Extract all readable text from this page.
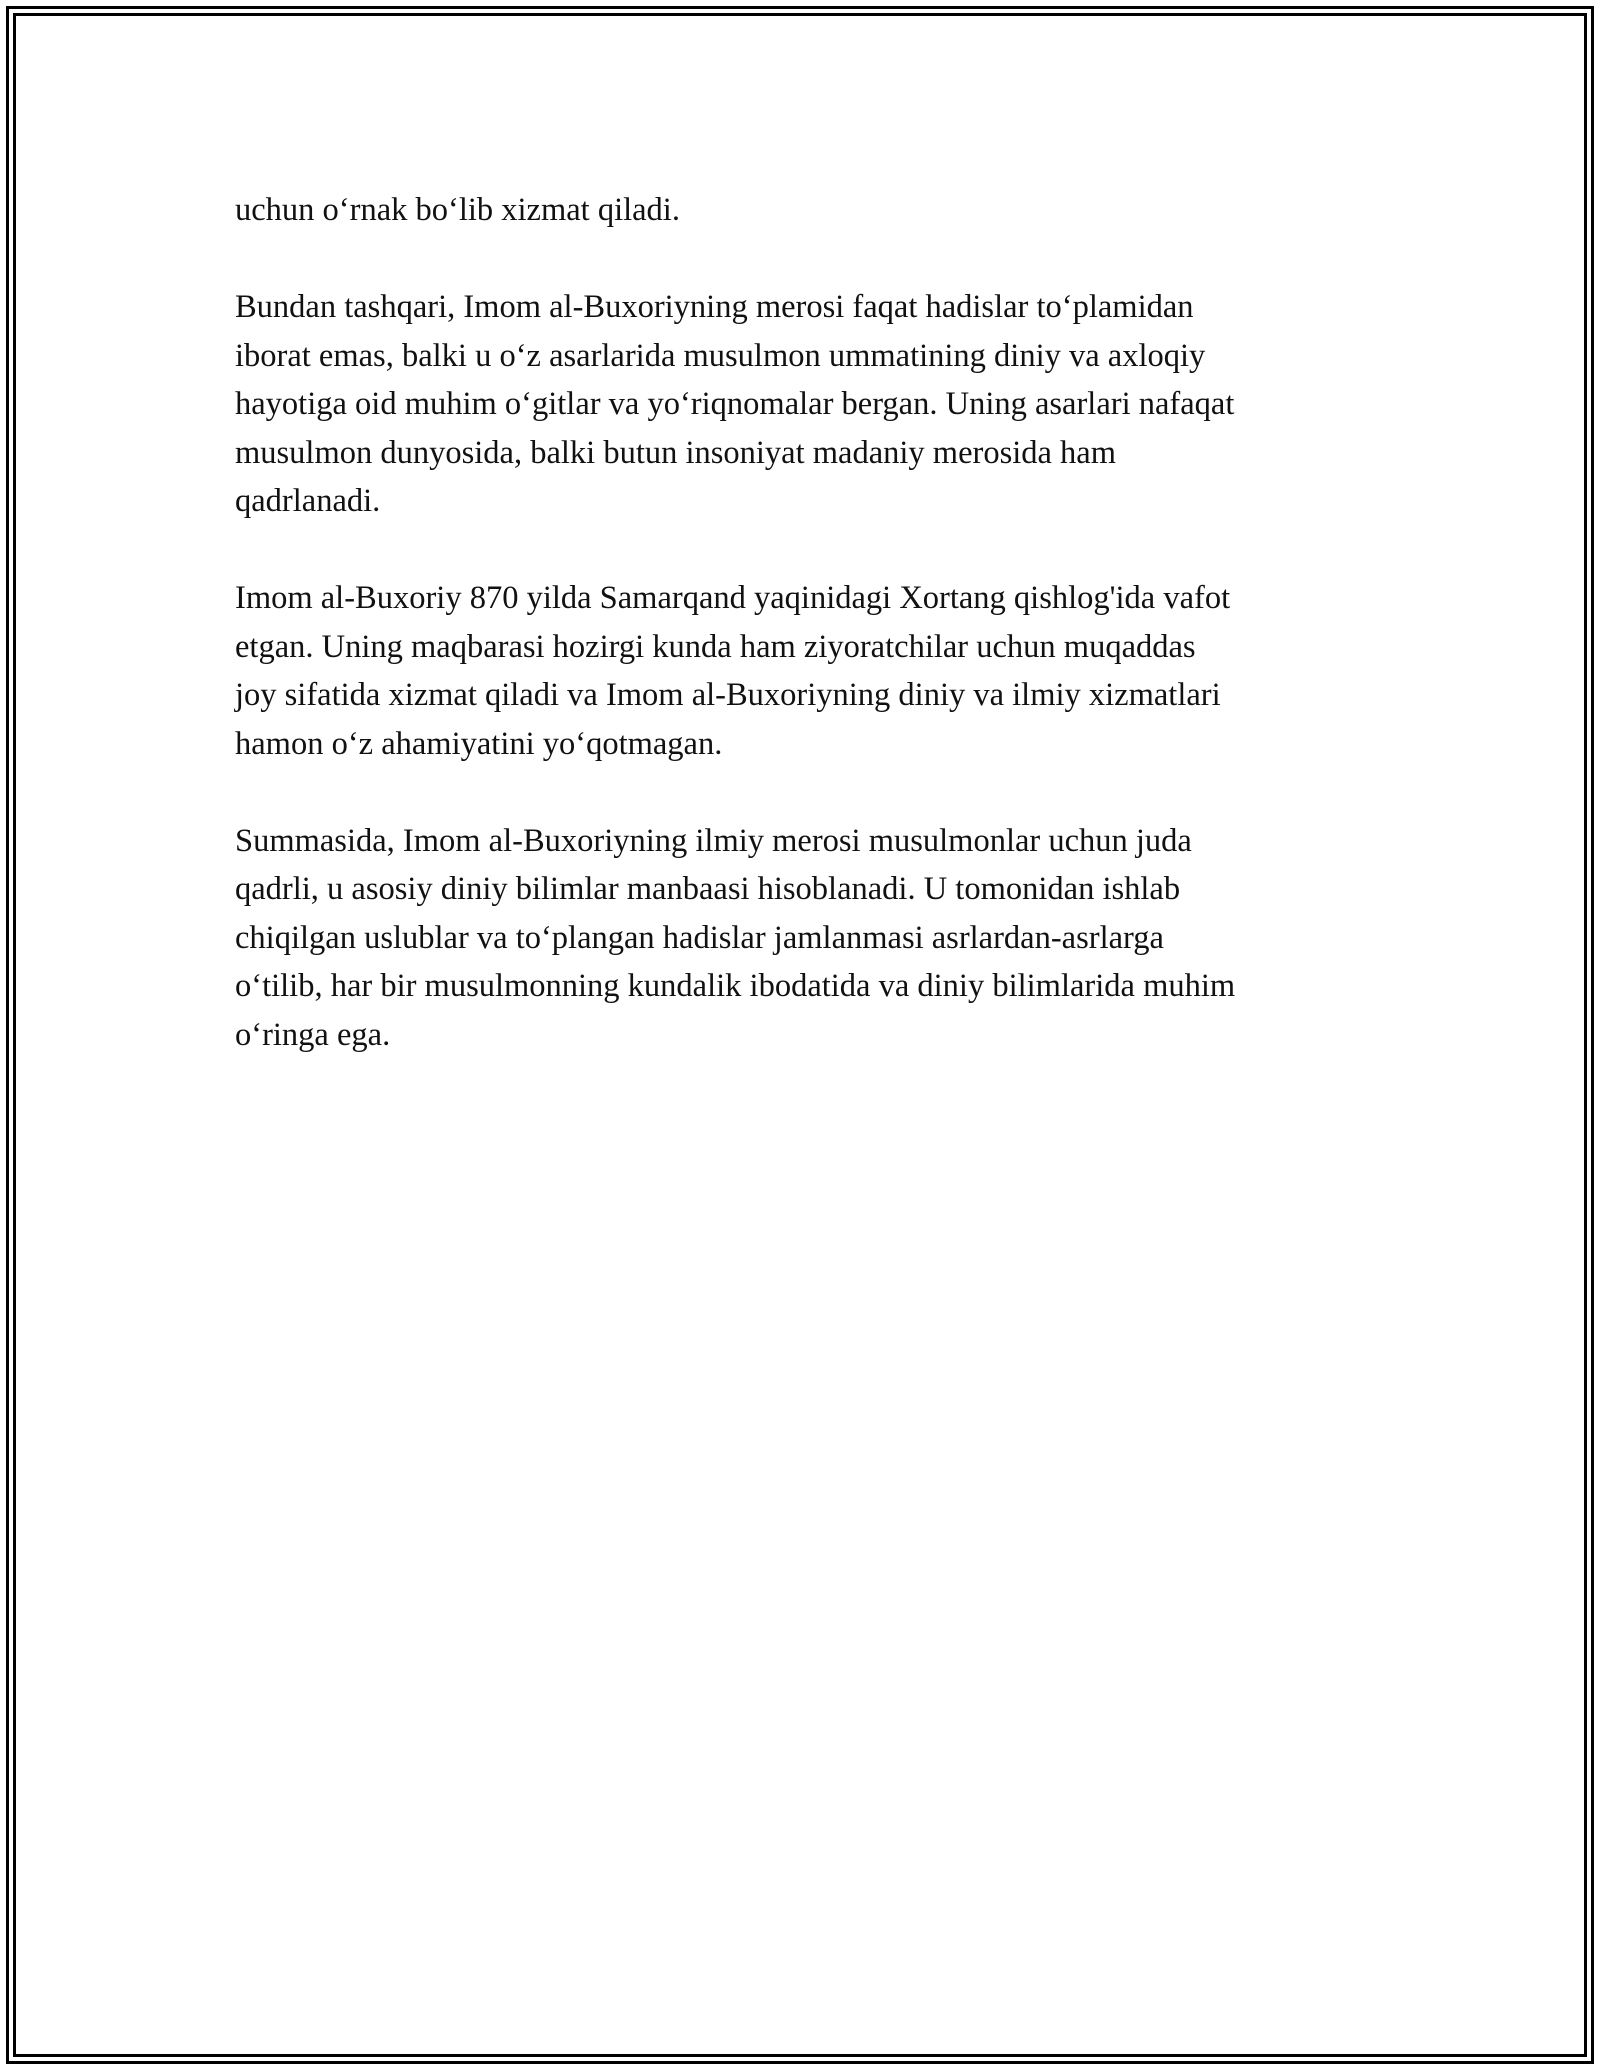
uchun o‘rnak bo‘lib xizmat qiladi.

Bundan tashqari, Imom al-Buxoriyning merosi faqat hadislar to‘plamidan
iborat emas, balki u o‘z asarlarida musulmon ummatining diniy va axloqiy
hayotiga oid muhim o‘gitlar va yo‘riqnomalar bergan. Uning asarlari nafaqat
musulmon dunyosida, balki butun insoniyat madaniy merosida ham
qadrlanadi.

Imom al-Buxoriy 870 yilda Samarqand yaqinidagi Xortang qishlog'ida vafot
etgan. Uning maqbarasi hozirgi kunda ham ziyoratchilar uchun muqaddas
joy sifatida xizmat qiladi va Imom al-Buxoriyning diniy va ilmiy xizmatlari
hamon o‘z ahamiyatini yo‘qotmagan.

Summasida, Imom al-Buxoriyning ilmiy merosi musulmonlar uchun juda
qadrli, u asosiy diniy bilimlar manbaasi hisoblanadi. U tomonidan ishlab
chiqilgan uslublar va to‘plangan hadislar jamlanmasi asrlardan-asrlarga
o‘tilib, har bir musulmonning kundalik ibodatida va diniy bilimlarida muhim
o‘ringa ega.
